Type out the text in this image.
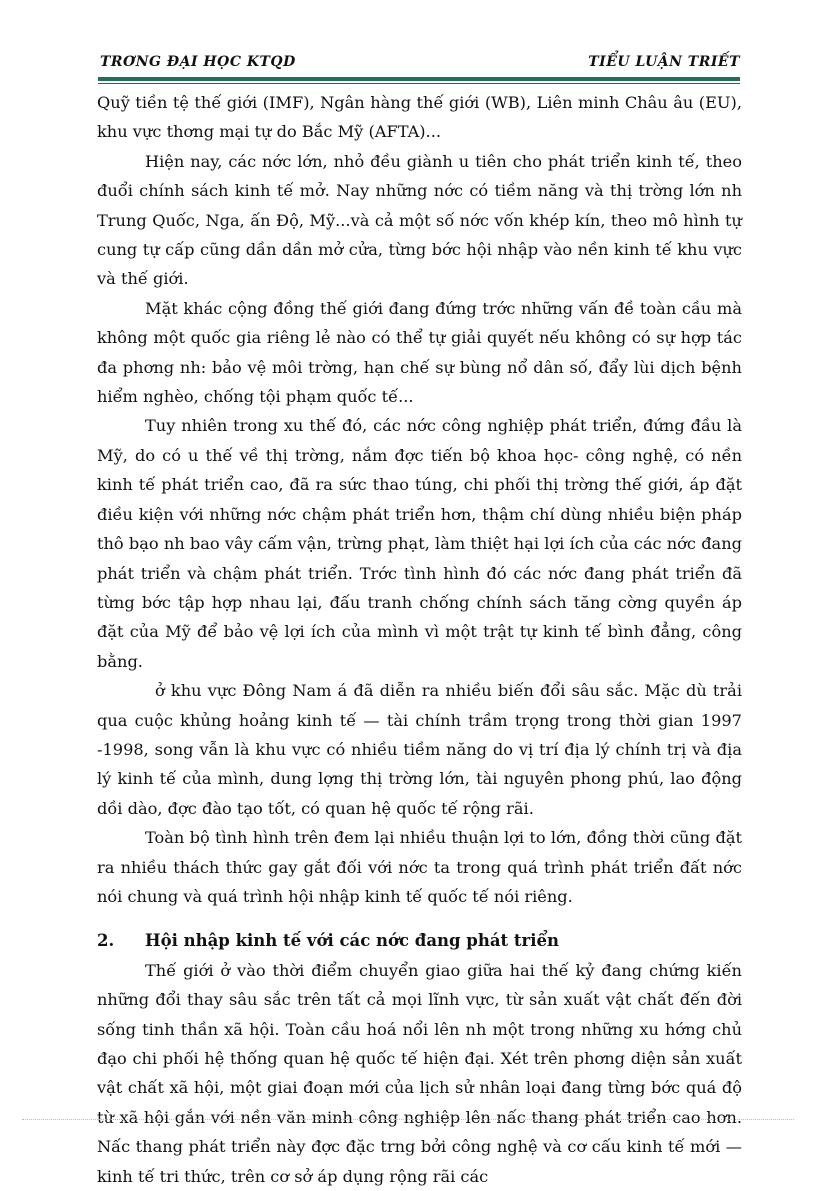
TRƠNG ĐẠI HỌC KTQD	TIỂU LUẬN TRIẾT

Quỹ tiền tệ thế giới (IMF), Ngân hàng thế giới (WB), Liên minh Châu âu (EU), khu vực thơng mại tự do Bắc Mỹ (AFTA)...

Hiện nay, các nớc lớn, nhỏ đều giành u tiên cho phát triển kinh tế, theo đuổi chính sách kinh tế mở. Nay những nớc có tiềm năng và thị trờng lớn nh Trung Quốc, Nga, ấn Độ, Mỹ...và cả một số nớc vốn khép kín, theo mô hình tự cung tự cấp cũng dần dần mở cửa, từng bớc hội nhập vào nền kinh tế khu vực và thế giới.

Mặt khác cộng đồng thế giới đang đứng trớc những vấn đề toàn cầu mà không một quốc gia riêng lẻ nào có thể tự giải quyết nếu không có sự hợp tác đa phơng nh: bảo vệ môi trờng, hạn chế sự bùng nổ dân số, đẩy lùi dịch bệnh hiểm nghèo, chống tội phạm quốc tế...

Tuy nhiên trong xu thế đó, các nớc công nghiệp phát triển, đứng đầu là Mỹ, do có u thế về thị trờng, nắm đợc tiến bộ khoa học- công nghệ, có nền kinh tế phát triển cao, đã ra sức thao túng, chi phối thị trờng thế giới, áp đặt điều kiện với những nớc chậm phát triển hơn, thậm chí dùng nhiều biện pháp thô bạo nh bao vây cấm vận, trừng phạt, làm thiệt hại lợi ích của các nớc đang phát triển và chậm phát triển. Trớc tình hình đó các nớc đang phát triển đã từng bớc tập hợp nhau lại, đấu tranh chống chính sách tăng cờng quyền áp đặt của Mỹ để bảo vệ lợi ích của mình vì một trật tự kinh tế bình đẳng, công bằng.

ở khu vực Đông Nam á đã diễn ra nhiều biến đổi sâu sắc. Mặc dù trải qua cuộc khủng hoảng kinh tế — tài chính trầm trọng trong thời gian 1997 -1998, song vẫn là khu vực có nhiều tiềm năng do vị trí địa lý chính trị và địa lý kinh tế của mình, dung lợng thị trờng lớn, tài nguyên phong phú, lao động dồi dào, đợc đào tạo tốt, có quan hệ quốc tế rộng rãi.

Toàn bộ tình hình trên đem lại nhiều thuận lợi to lớn, đồng thời cũng đặt ra nhiều thách thức gay gắt đối với nớc ta trong quá trình phát triển đất nớc nói chung và quá trình hội nhập kinh tế quốc tế nói riêng.

2. Hội nhập kinh tế với các nớc đang phát triển

Thế giới ở vào thời điểm chuyển giao giữa hai thế kỷ đang chứng kiến những đổi thay sâu sắc trên tất cả mọi lĩnh vực, từ sản xuất vật chất đến đời sống tinh thần xã hội. Toàn cầu hoá nổi lên nh một trong những xu hớng chủ đạo chi phối hệ thống quan hệ quốc tế hiện đại. Xét trên phơng diện sản xuất vật chất xã hội, một giai đoạn mới của lịch sử nhân loại đang từng bớc quá độ từ xã hội gắn với nền văn minh công nghiệp lên nấc thang phát triển cao hơn. Nấc thang phát triển này đợc đặc trng bởi công nghệ và cơ cấu kinh tế mới — kinh tế tri thức, trên cơ sở áp dụng rộng rãi các
